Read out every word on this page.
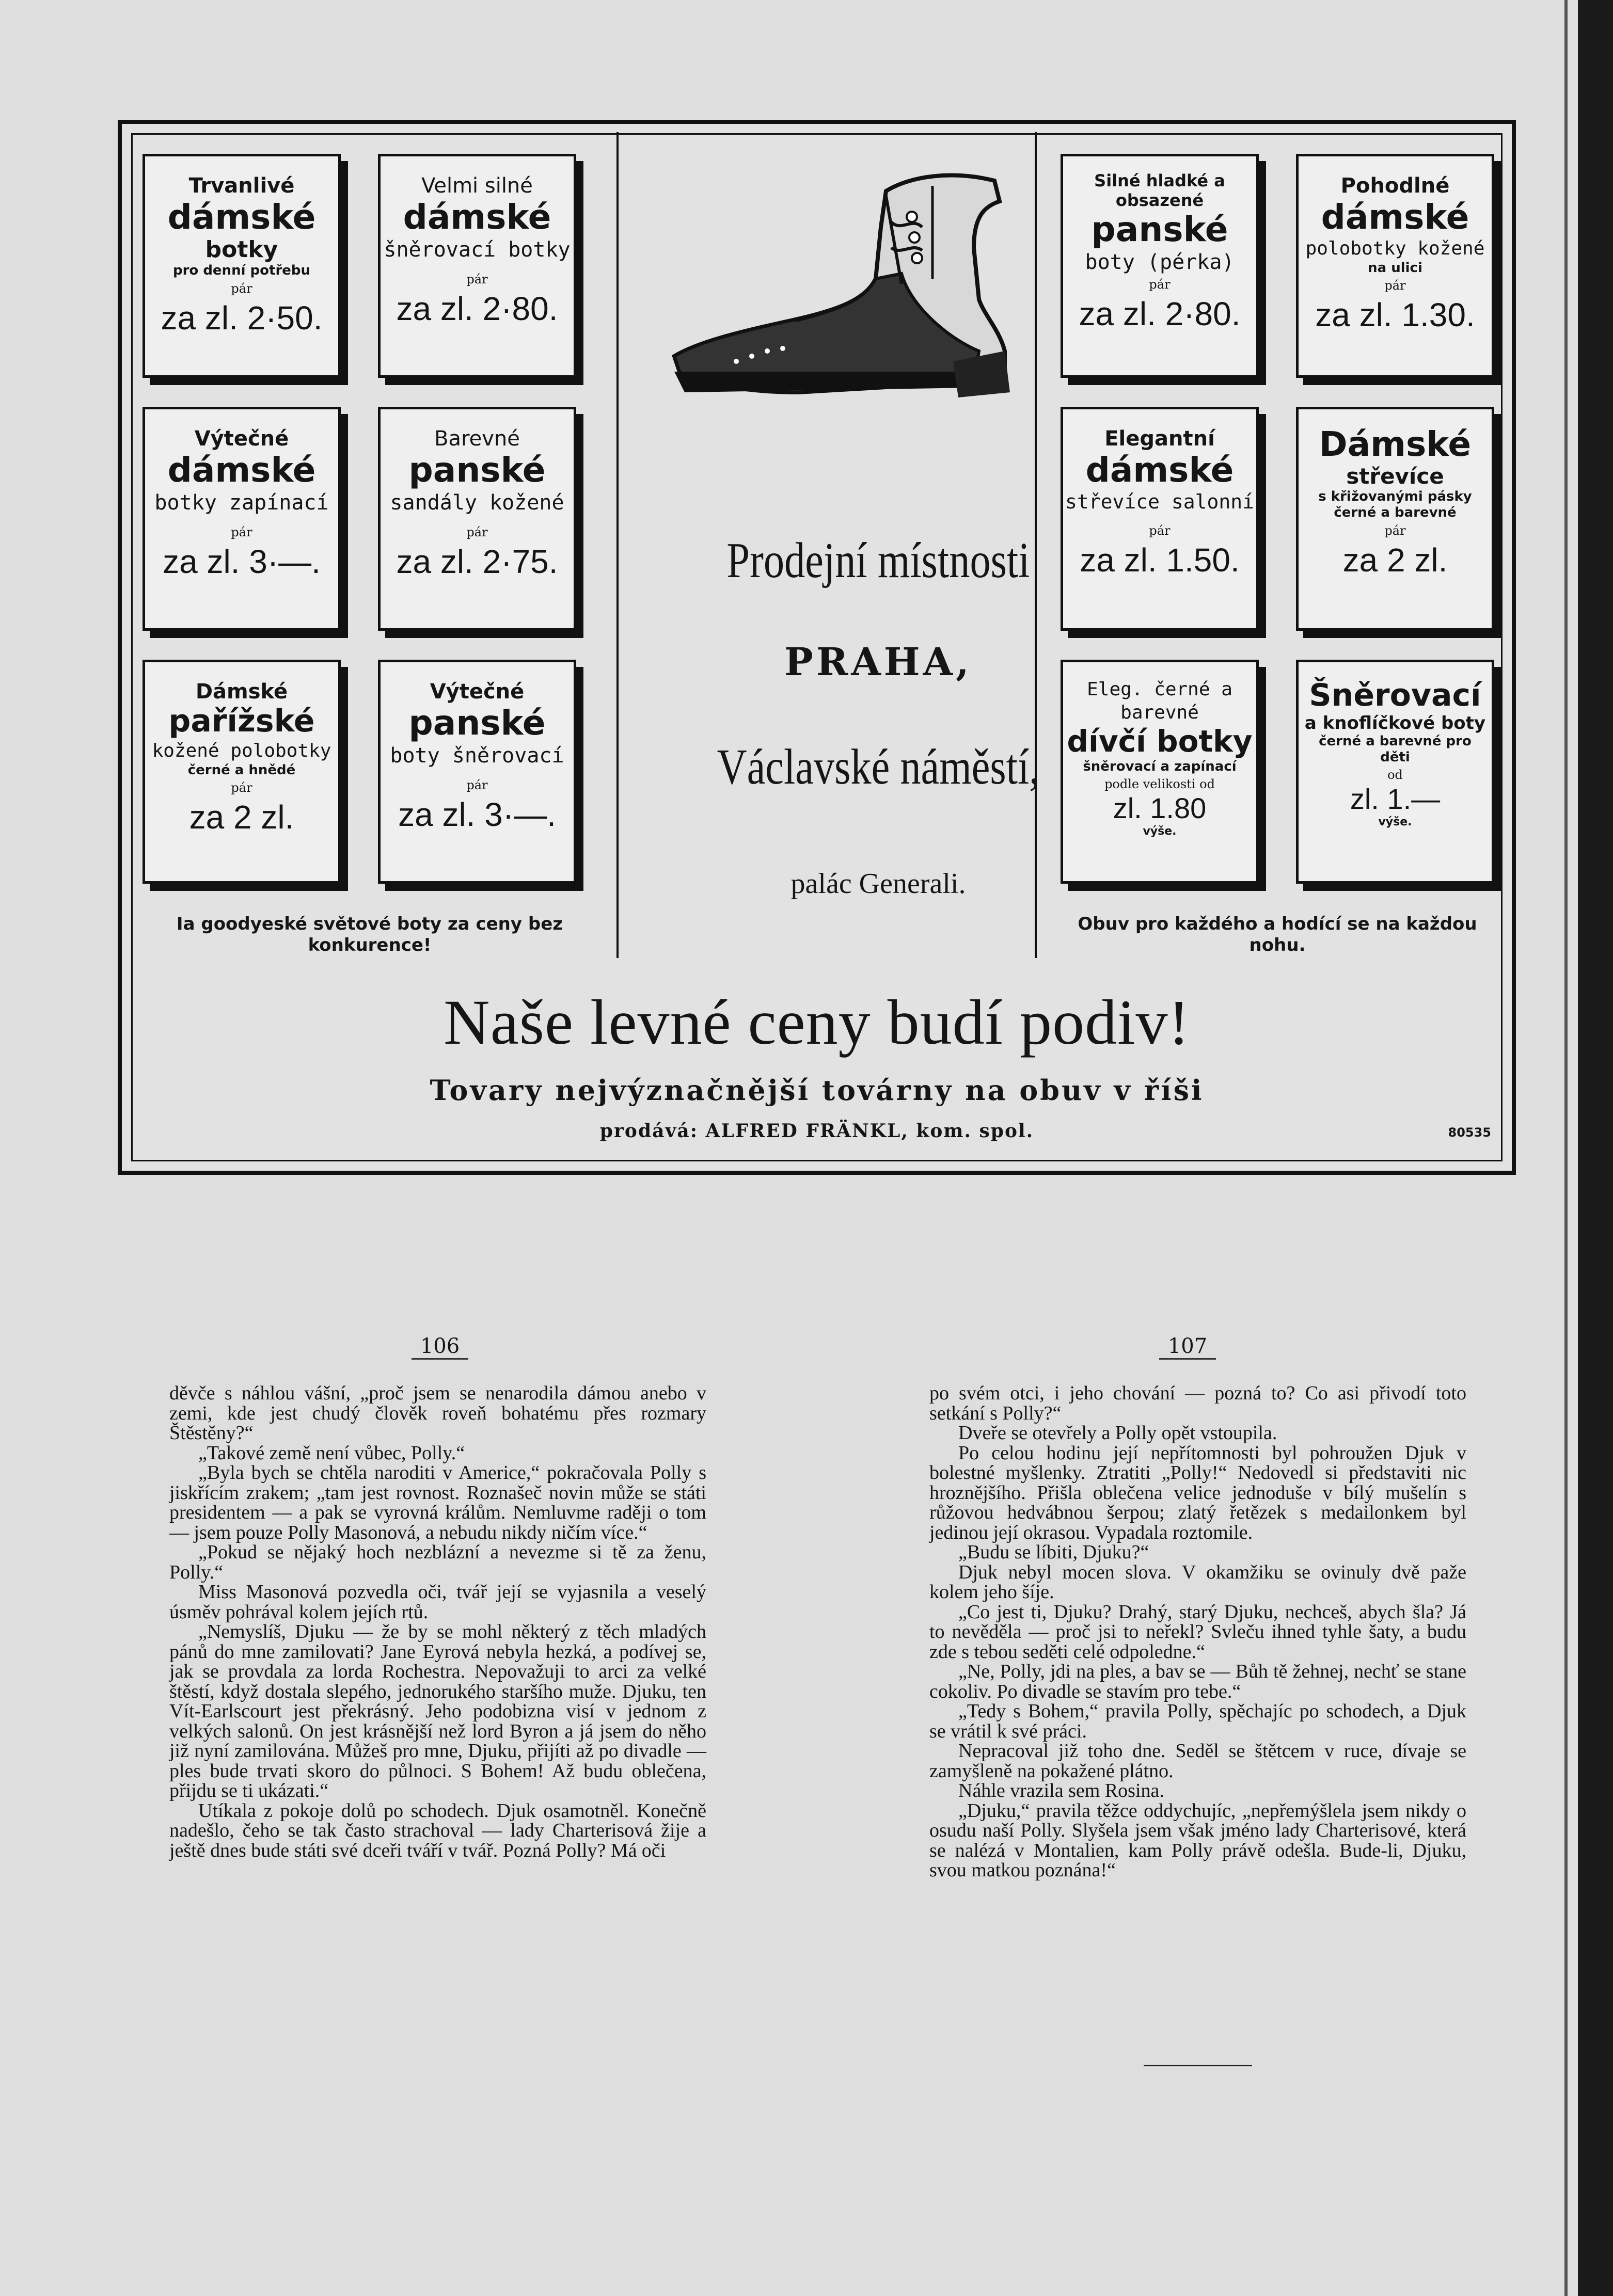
Trvanlivé
dámské
botky
pro denní potřebu
pár
za zl. 2·50.
Velmi silné
dámské
šněrovací botky
pár
za zl. 2·80.
Výtečné
dámské
botky zapínací
pár
za zl. 3·—.
Barevné
panské
sandály kožené
pár
za zl. 2·75.
Dámské
pařížské
kožené polobotky
černé a hnědé
pár
za 2 zl.
Výtečné
panské
boty šněrovací
pár
za zl. 3·—.
Prodejní místnosti
PRAHA,
Václavské náměstí,
palác Generali.
Silné hladké a obsazené
panské
boty (pérka)
pár
za zl. 2·80.
Pohodlné
dámské
polobotky kožené
na ulici
pár
za zl. 1.30.
Elegantní
dámské
střevíce salonní
pár
za zl. 1.50.
Dámské
střevíce
s křižovanými pásky černé a barevné
pár
za 2 zl.
Eleg. černé a barevné
dívčí botky
šněrovací a zapínací
podle velikosti od
zl. 1.80
výše.
Šněrovací
a knoflíčkové boty
černé a barevné pro děti
od
zl. 1.—
výše.
Ia goodyeské světové boty za ceny bez konkurence!
Obuv pro každého a hodící se na každou nohu.
Naše levné ceny budí podiv!
Tovary nejvýznačnější továrny na obuv v říši
prodává: ALFRED FRÄNKL, kom. spol.	80535
106	107

děvče s náhlou vášní, „proč jsem se nenarodila dámou anebo v zemi, kde jest chudý člověk roveň bohatému přes rozmary Štěstěny?“

„Takové země není vůbec, Polly.“

„Byla bych se chtěla naroditi v Americe,“ pokračovala Polly s jiskřícím zrakem; „tam jest rovnost. Roznašeč novin může se státi presidentem — a pak se vyrovná králům. Nemluvme raději o tom — jsem pouze Polly Masonová, a nebudu nikdy ničím více.“

„Pokud se nějaký hoch nezblázní a nevezme si tě za ženu, Polly.“

Miss Masonová pozvedla oči, tvář její se vyjasnila a veselý úsměv pohrával kolem jejích rtů.

„Nemyslíš, Djuku — že by se mohl některý z těch mladých pánů do mne zamilovati? Jane Eyrová nebyla hezká, a podívej se, jak se provdala za lorda Rochestra. Nepovažuji to arci za velké štěstí, když dostala slepého, jednorukého staršího muže. Djuku, ten Vít-Earlscourt jest překrásný. Jeho podobizna visí v jednom z velkých salonů. On jest krásnější než lord Byron a já jsem do něho již nyní zamilována. Můžeš pro mne, Djuku, přijíti až po divadle — ples bude trvati skoro do půlnoci. S Bohem! Až budu oblečena, přijdu se ti ukázati.“

Utíkala z pokoje dolů po schodech. Djuk osamotněl. Konečně nadešlo, čeho se tak často strachoval — lady Charterisová žije a ještě dnes bude státi své dceři tváří v tvář. Pozná Polly? Má oči

po svém otci, i jeho chování — pozná to? Co asi přivodí toto setkání s Polly?“

Dveře se otevřely a Polly opět vstoupila.

Po celou hodinu její nepřítomnosti byl pohroužen Djuk v bolestné myšlenky. Ztratiti „Polly!“ Nedovedl si představiti nic hroznějšího. Přišla oblečena velice jednoduše v bílý mušelín s růžovou hedvábnou šerpou; zlatý řetězek s medailonkem byl jedinou její okrasou. Vypadala roztomile.

„Budu se líbiti, Djuku?“

Djuk nebyl mocen slova. V okamžiku se ovinuly dvě paže kolem jeho šíje.

„Co jest ti, Djuku? Drahý, starý Djuku, nechceš, abych šla? Já to nevěděla — proč jsi to neřekl? Svleču ihned tyhle šaty, a budu zde s tebou seděti celé odpoledne.“

„Ne, Polly, jdi na ples, a bav se — Bůh tě žehnej, nechť se stane cokoliv. Po divadle se stavím pro tebe.“

„Tedy s Bohem,“ pravila Polly, spěchajíc po schodech, a Djuk se vrátil k své práci.

Nepracoval již toho dne. Seděl se štětcem v ruce, dívaje se zamyšleně na pokažené plátno.

Náhle vrazila sem Rosina.

„Djuku,“ pravila těžce oddychujíc, „nepřemýšlela jsem nikdy o osudu naší Polly. Slyšela jsem však jméno lady Charterisové, která se nalézá v Montalien, kam Polly právě odešla. Bude-li, Djuku, svou matkou poznána!“
